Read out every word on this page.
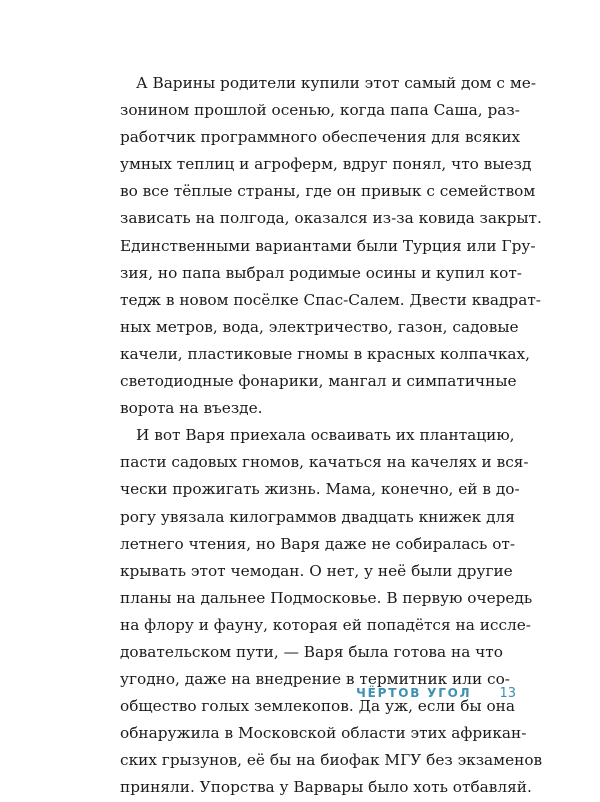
А Варины родители купили этот самый дом с ме-
зонином прошлой осенью, когда папа Саша, раз-
работчик программного обеспечения для всяких
умных теплиц и агроферм, вдруг понял, что выезд
во все тёплые страны, где он привык с семейством
зависать на полгода, оказался из-за ковида закрыт.
Единственными вариантами были Турция или Гру-
зия, но папа выбрал родимые осины и купил кот-
тедж в новом посёлке Спас-Салем. Двести квадрат-
ных метров, вода, электричество, газон, садовые
качели, пластиковые гномы в красных колпачках,
светодиодные фонарики, мангал и симпатичные
ворота на въезде.
И вот Варя приехала осваивать их плантацию,
пасти садовых гномов, качаться на качелях и вся-
чески прожигать жизнь. Мама, конечно, ей в до-
рогу увязала килограммов двадцать книжек для
летнего чтения, но Варя даже не собиралась от-
крывать этот чемодан. О нет, у неё были другие
планы на дальнее Подмосковье. В первую очередь
на флору и фауну, которая ей попадётся на иссле-
довательском пути, — Варя была готова на что
угодно, даже на внедрение в термитник или со-
общество голых землекопов. Да уж, если бы она
обнаружила в Московской области этих африкан-
ских грызунов, её бы на биофак МГУ без экзаменов
приняли. Упорства у Варвары было хоть отбавляй.
ЧЁРТОВ УГОЛ 13
